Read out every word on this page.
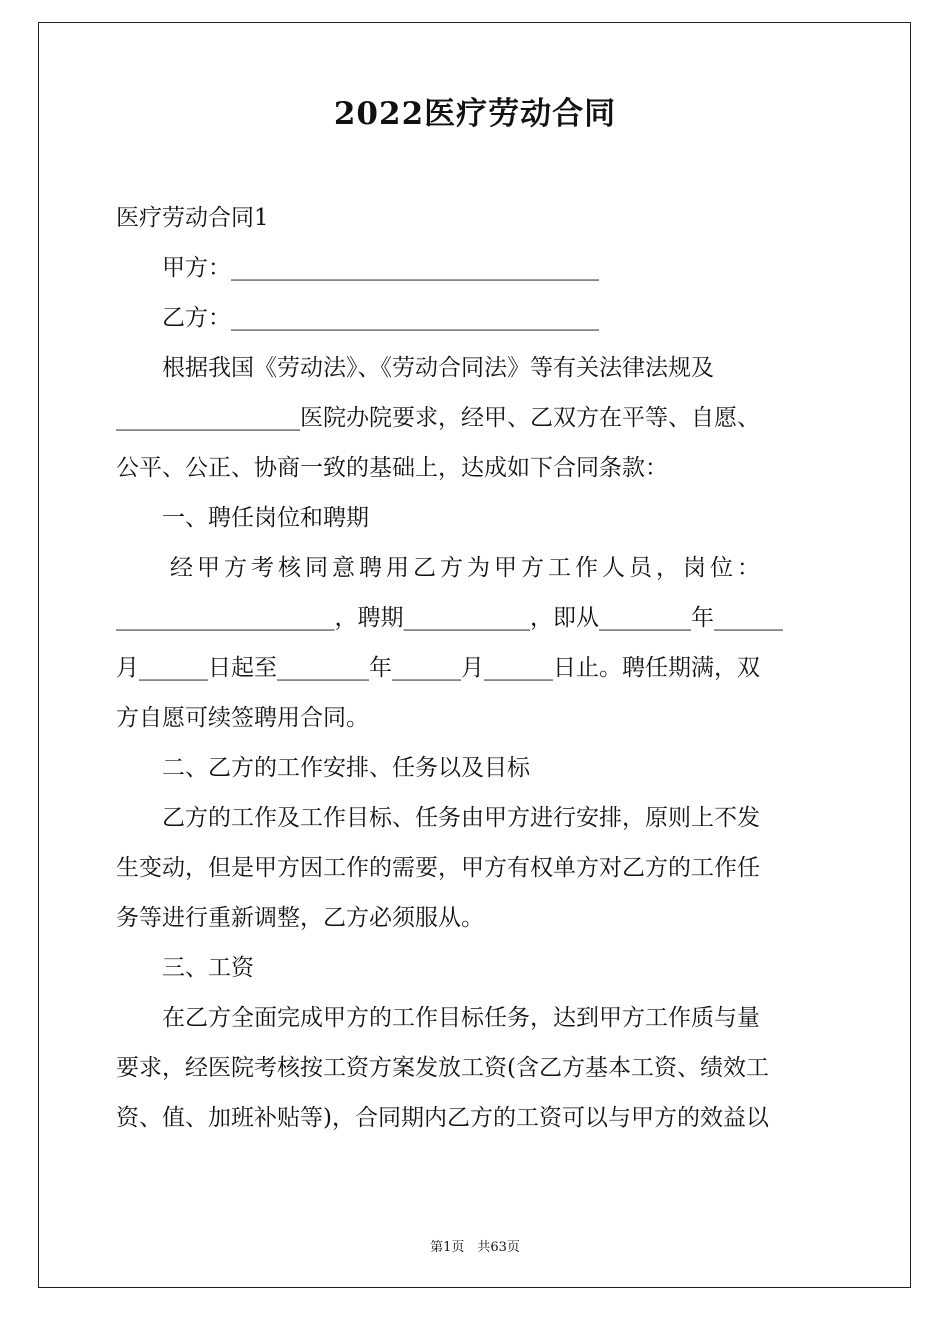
2022医疗劳动合同
医疗劳动合同1
　　甲方：________________________________
　　乙方：________________________________
　　根据我国《劳动法》、《劳动合同法》等有关法律法规及
________________医院办院要求，经甲、乙双方在平等、自愿、
公平、公正、协商一致的基础上，达成如下合同条款：
　　一、聘任岗位和聘期
　　经甲方考核同意聘用乙方为甲方工作人员，岗位：
___________________，聘期___________，即从________年______
月______日起至________年______月______日止。聘任期满，双
方自愿可续签聘用合同。
　　二、乙方的工作安排、任务以及目标
　　乙方的工作及工作目标、任务由甲方进行安排，原则上不发
生变动，但是甲方因工作的需要，甲方有权单方对乙方的工作任
务等进行重新调整，乙方必须服从。
　　三、工资
　　在乙方全面完成甲方的工作目标任务，达到甲方工作质与量
要求，经医院考核按工资方案发放工资(含乙方基本工资、绩效工
资、值、加班补贴等)，合同期内乙方的工资可以与甲方的效益以
第1页　共63页
